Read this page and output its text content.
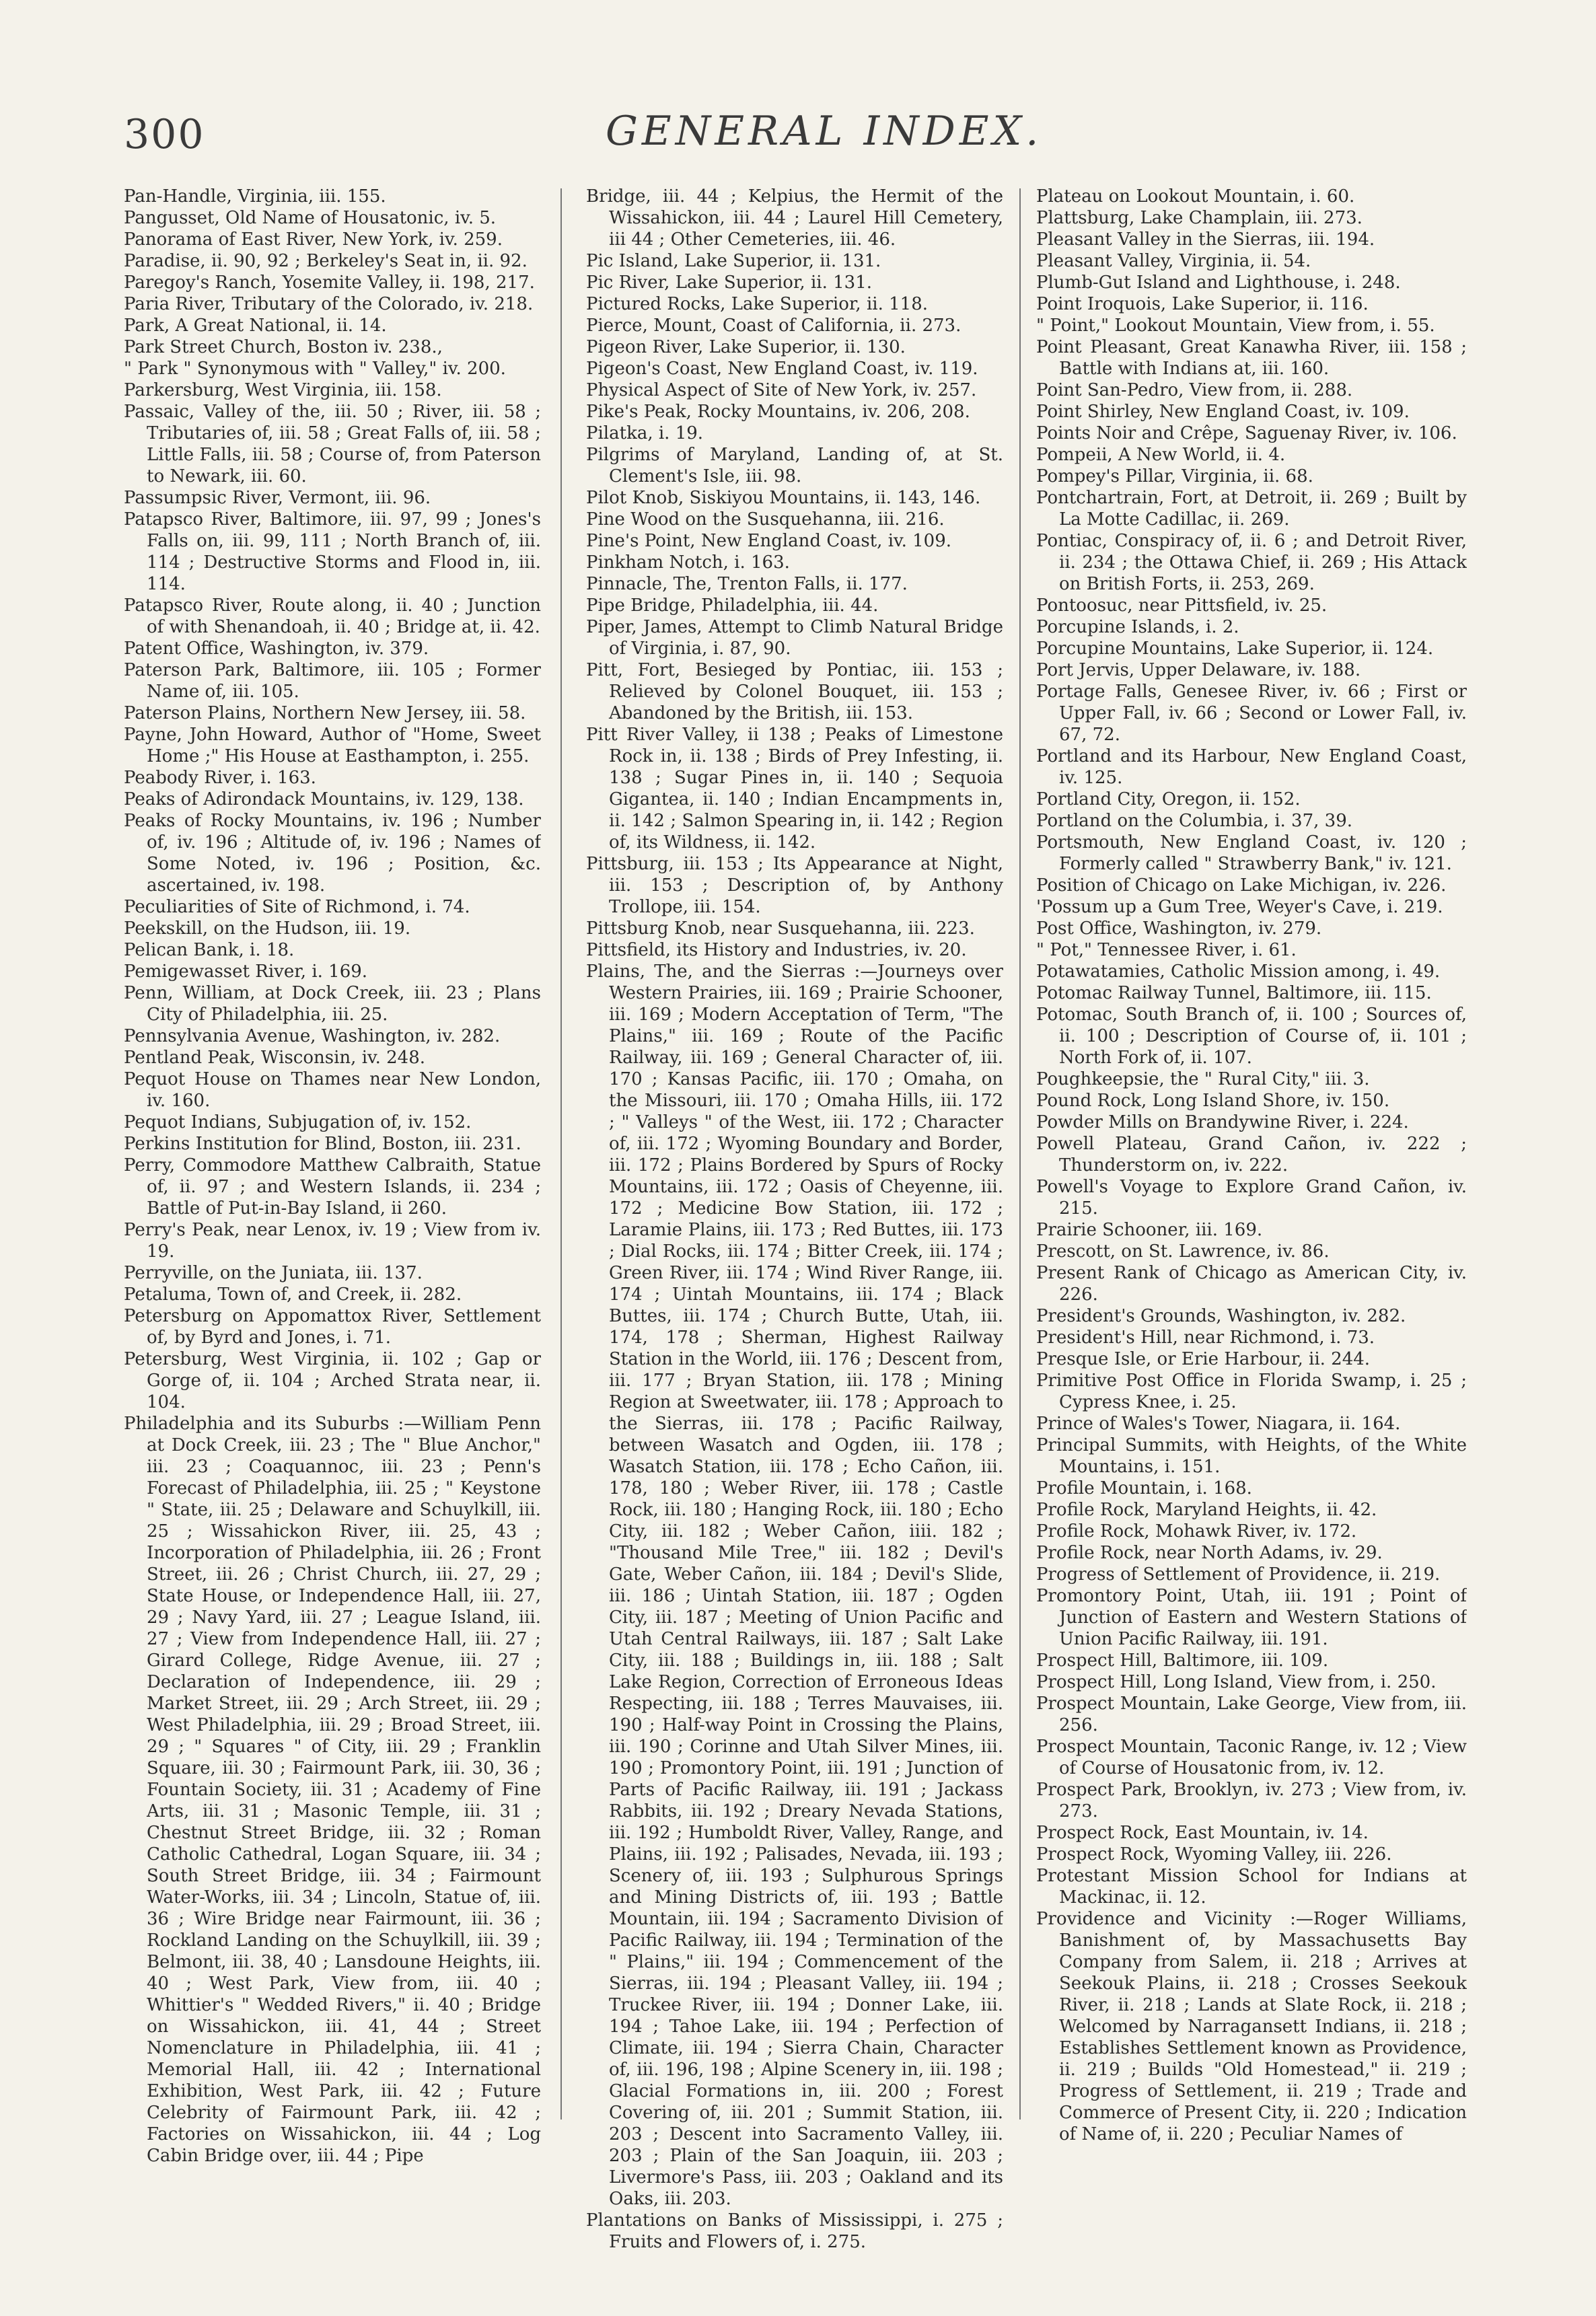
300	GENERAL INDEX.

Pan-Handle, Virginia, iii. 155.

Pangusset, Old Name of Housatonic, iv. 5.

Panorama of East River, New York, iv. 259.

Paradise, ii. 90, 92 ; Berkeley's Seat in, ii. 92.

Paregoy's Ranch, Yosemite Valley, ii. 198, 217.

Paria River, Tributary of the Colorado, iv. 218.

Park, A Great National, ii. 14.

Park Street Church, Boston iv. 238.,

" Park " Synonymous with " Valley," iv. 200.

Parkersburg, West Virginia, iii. 158.

Passaic, Valley of the, iii. 50 ; River, iii. 58 ; Tributaries of, iii. 58 ; Great Falls of, iii. 58 ; Little Falls, iii. 58 ; Course of, from Paterson to Newark, iii. 60.

Passumpsic River, Vermont, iii. 96.

Patapsco River, Baltimore, iii. 97, 99 ; Jones's Falls on, iii. 99, 111 ; North Branch of, iii. 114 ; Destructive Storms and Flood in, iii. 114.

Patapsco River, Route along, ii. 40 ; Junction of with Shenandoah, ii. 40 ; Bridge at, ii. 42.

Patent Office, Washington, iv. 379.

Paterson Park, Baltimore, iii. 105 ; Former Name of, iii. 105.

Paterson Plains, Northern New Jersey, iii. 58.

Payne, John Howard, Author of "Home, Sweet Home ;" His House at Easthampton, i. 255.

Peabody River, i. 163.

Peaks of Adirondack Mountains, iv. 129, 138.

Peaks of Rocky Mountains, iv. 196 ; Number of, iv. 196 ; Altitude of, iv. 196 ; Names of Some Noted, iv. 196 ; Position, &c. ascertained, iv. 198.

Peculiarities of Site of Richmond, i. 74.

Peekskill, on the Hudson, iii. 19.

Pelican Bank, i. 18.

Pemigewasset River, i. 169.

Penn, William, at Dock Creek, iii. 23 ; Plans City of Philadelphia, iii. 25.

Pennsylvania Avenue, Washington, iv. 282.

Pentland Peak, Wisconsin, iv. 248.

Pequot House on Thames near New London, iv. 160.

Pequot Indians, Subjugation of, iv. 152.

Perkins Institution for Blind, Boston, iii. 231.

Perry, Commodore Matthew Calbraith, Statue of, ii. 97 ; and Western Islands, ii. 234 ; Battle of Put-in-Bay Island, ii 260.

Perry's Peak, near Lenox, iv. 19 ; View from iv. 19.

Perryville, on the Juniata, iii. 137.

Petaluma, Town of, and Creek, ii. 282.

Petersburg on Appomattox River, Settlement of, by Byrd and Jones, i. 71.

Petersburg, West Virginia, ii. 102 ; Gap or Gorge of, ii. 104 ; Arched Strata near, ii. 104.

Philadelphia and its Suburbs :—William Penn at Dock Creek, iii. 23 ; The " Blue Anchor," iii. 23 ; Coaquannoc, iii. 23 ; Penn's Forecast of Philadelphia, iii. 25 ; " Keystone " State, iii. 25 ; Delaware and Schuylkill, iii. 25 ; Wissahickon River, iii. 25, 43 ; Incorporation of Philadelphia, iii. 26 ; Front Street, iii. 26 ; Christ Church, iii. 27, 29 ; State House, or Independence Hall, iii. 27, 29 ; Navy Yard, iii. 27 ; League Island, iii. 27 ; View from Independence Hall, iii. 27 ; Girard College, Ridge Avenue, iii. 27 ; Declaration of Independence, iii. 29 ; Market Street, iii. 29 ; Arch Street, iii. 29 ; West Philadelphia, iii. 29 ; Broad Street, iii. 29 ; " Squares " of City, iii. 29 ; Franklin Square, iii. 30 ; Fairmount Park, iii. 30, 36 ; Fountain Society, iii. 31 ; Academy of Fine Arts, iii. 31 ; Masonic Temple, iii. 31 ; Chestnut Street Bridge, iii. 32 ; Roman Catholic Cathedral, Logan Square, iii. 34 ; South Street Bridge, iii. 34 ; Fairmount Water-Works, iii. 34 ; Lincoln, Statue of, iii. 36 ; Wire Bridge near Fairmount, iii. 36 ; Rockland Landing on the Schuylkill, iii. 39 ; Belmont, iii. 38, 40 ; Lansdoune Heights, iii. 40 ; West Park, View from, iii. 40 ; Whittier's " Wedded Rivers," ii. 40 ; Bridge on Wissahickon, iii. 41, 44 ; Street Nomenclature in Philadelphia, iii. 41 ; Memorial Hall, iii. 42 ; International Exhibition, West Park, iii. 42 ; Future Celebrity of Fairmount Park, iii. 42 ; Factories on Wissahickon, iii. 44 ; Log Cabin Bridge over, iii. 44 ; Pipe

Bridge, iii. 44 ; Kelpius, the Hermit of the Wissahickon, iii. 44 ; Laurel Hill Cemetery, iii 44 ; Other Cemeteries, iii. 46.

Pic Island, Lake Superior, ii. 131.

Pic River, Lake Superior, ii. 131.

Pictured Rocks, Lake Superior, ii. 118.

Pierce, Mount, Coast of California, ii. 273.

Pigeon River, Lake Superior, ii. 130.

Pigeon's Coast, New England Coast, iv. 119.

Physical Aspect of Site of New York, iv. 257.

Pike's Peak, Rocky Mountains, iv. 206, 208.

Pilatka, i. 19.

Pilgrims of Maryland, Landing of, at St. Clement's Isle, iii. 98.

Pilot Knob, Siskiyou Mountains, ii. 143, 146.

Pine Wood on the Susquehanna, iii. 216.

Pine's Point, New England Coast, iv. 109.

Pinkham Notch, i. 163.

Pinnacle, The, Trenton Falls, ii. 177.

Pipe Bridge, Philadelphia, iii. 44.

Piper, James, Attempt to Climb Natural Bridge of Virginia, i. 87, 90.

Pitt, Fort, Besieged by Pontiac, iii. 153 ; Relieved by Colonel Bouquet, iii. 153 ; Abandoned by the British, iii. 153.

Pitt River Valley, ii 138 ; Peaks of Limestone Rock in, ii. 138 ; Birds of Prey Infesting, ii. 138 ; Sugar Pines in, ii. 140 ; Sequoia Gigantea, ii. 140 ; Indian Encampments in, ii. 142 ; Salmon Spearing in, ii. 142 ; Region of, its Wildness, ii. 142.

Pittsburg, iii. 153 ; Its Appearance at Night, iii. 153 ; Description of, by Anthony Trollope, iii. 154.

Pittsburg Knob, near Susquehanna, iii. 223.

Pittsfield, its History and Industries, iv. 20.

Plains, The, and the Sierras :—Journeys over Western Prairies, iii. 169 ; Prairie Schooner, iii. 169 ; Modern Acceptation of Term, "The Plains," iii. 169 ; Route of the Pacific Railway, iii. 169 ; General Character of, iii. 170 ; Kansas Pacific, iii. 170 ; Omaha, on the Missouri, iii. 170 ; Omaha Hills, iii. 172 ; " Valleys " of the West, iii. 172 ; Character of, iii. 172 ; Wyoming Boundary and Border, iii. 172 ; Plains Bordered by Spurs of Rocky Mountains, iii. 172 ; Oasis of Cheyenne, iii. 172 ; Medicine Bow Station, iii. 172 ; Laramie Plains, iii. 173 ; Red Buttes, iii. 173 ; Dial Rocks, iii. 174 ; Bitter Creek, iii. 174 ; Green River, iii. 174 ; Wind River Range, iii. 174 ; Uintah Mountains, iii. 174 ; Black Buttes, iii. 174 ; Church Butte, Utah, iii. 174, 178 ; Sherman, Highest Railway Station in the World, iii. 176 ; Descent from, iii. 177 ; Bryan Station, iii. 178 ; Mining Region at Sweetwater, iii. 178 ; Approach to the Sierras, iii. 178 ; Pacific Railway, between Wasatch and Ogden, iii. 178 ; Wasatch Station, iii. 178 ; Echo Cañon, iii. 178, 180 ; Weber River, iii. 178 ; Castle Rock, iii. 180 ; Hanging Rock, iii. 180 ; Echo City, iii. 182 ; Weber Cañon, iiii. 182 ; "Thousand Mile Tree," iii. 182 ; Devil's Gate, Weber Cañon, iii. 184 ; Devil's Slide, iii. 186 ; Uintah Station, iii. 187 ; Ogden City, iii. 187 ; Meeting of Union Pacific and Utah Central Railways, iii. 187 ; Salt Lake City, iii. 188 ; Buildings in, iii. 188 ; Salt Lake Region, Correction of Erroneous Ideas Respecting, iii. 188 ; Terres Mauvaises, iii. 190 ; Half-way Point in Crossing the Plains, iii. 190 ; Corinne and Utah Silver Mines, iii. 190 ; Promontory Point, iii. 191 ; Junction of Parts of Pacific Railway, iii. 191 ; Jackass Rabbits, iii. 192 ; Dreary Nevada Stations, iii. 192 ; Humboldt River, Valley, Range, and Plains, iii. 192 ; Palisades, Nevada, iii. 193 ; Scenery of, iii. 193 ; Sulphurous Springs and Mining Districts of, iii. 193 ; Battle Mountain, iii. 194 ; Sacramento Division of Pacific Railway, iii. 194 ; Termination of the " Plains," iii. 194 ; Commencement of the Sierras, iii. 194 ; Pleasant Valley, iii. 194 ; Truckee River, iii. 194 ; Donner Lake, iii. 194 ; Tahoe Lake, iii. 194 ; Perfection of Climate, iii. 194 ; Sierra Chain, Character of, iii. 196, 198 ; Alpine Scenery in, iii. 198 ; Glacial Formations in, iii. 200 ; Forest Covering of, iii. 201 ; Summit Station, iii. 203 ; Descent into Sacramento Valley, iii. 203 ; Plain of the San Joaquin, iii. 203 ; Livermore's Pass, iii. 203 ; Oakland and its Oaks, iii. 203.

Plantations on Banks of Mississippi, i. 275 ; Fruits and Flowers of, i. 275.

Plateau on Lookout Mountain, i. 60.

Plattsburg, Lake Champlain, iii. 273.

Pleasant Valley in the Sierras, iii. 194.

Pleasant Valley, Virginia, ii. 54.

Plumb-Gut Island and Lighthouse, i. 248.

Point Iroquois, Lake Superior, ii. 116.

" Point," Lookout Mountain, View from, i. 55.

Point Pleasant, Great Kanawha River, iii. 158 ; Battle with Indians at, iii. 160.

Point San-Pedro, View from, ii. 288.

Point Shirley, New England Coast, iv. 109.

Points Noir and Crêpe, Saguenay River, iv. 106.

Pompeii, A New World, ii. 4.

Pompey's Pillar, Virginia, ii. 68.

Pontchartrain, Fort, at Detroit, ii. 269 ; Built by La Motte Cadillac, ii. 269.

Pontiac, Conspiracy of, ii. 6 ; and Detroit River, ii. 234 ; the Ottawa Chief, ii. 269 ; His Attack on British Forts, ii. 253, 269.

Pontoosuc, near Pittsfield, iv. 25.

Porcupine Islands, i. 2.

Porcupine Mountains, Lake Superior, ii. 124.

Port Jervis, Upper Delaware, iv. 188.

Portage Falls, Genesee River, iv. 66 ; First or Upper Fall, iv. 66 ; Second or Lower Fall, iv. 67, 72.

Portland and its Harbour, New England Coast, iv. 125.

Portland City, Oregon, ii. 152.

Portland on the Columbia, i. 37, 39.

Portsmouth, New England Coast, iv. 120 ; Formerly called " Strawberry Bank," iv. 121.

Position of Chicago on Lake Michigan, iv. 226.

'Possum up a Gum Tree, Weyer's Cave, i. 219.

Post Office, Washington, iv. 279.

" Pot," Tennessee River, i. 61.

Potawatamies, Catholic Mission among, i. 49.

Potomac Railway Tunnel, Baltimore, iii. 115.

Potomac, South Branch of, ii. 100 ; Sources of, ii. 100 ; Description of Course of, ii. 101 ; North Fork of, ii. 107.

Poughkeepsie, the " Rural City," iii. 3.

Pound Rock, Long Island Shore, iv. 150.

Powder Mills on Brandywine River, i. 224.

Powell Plateau, Grand Cañon, iv. 222 ; Thunderstorm on, iv. 222.

Powell's Voyage to Explore Grand Cañon, iv. 215.

Prairie Schooner, iii. 169.

Prescott, on St. Lawrence, iv. 86.

Present Rank of Chicago as American City, iv. 226.

President's Grounds, Washington, iv. 282.

President's Hill, near Richmond, i. 73.

Presque Isle, or Erie Harbour, ii. 244.

Primitive Post Office in Florida Swamp, i. 25 ; Cypress Knee, i. 25.

Prince of Wales's Tower, Niagara, ii. 164.

Principal Summits, with Heights, of the White Mountains, i. 151.

Profile Mountain, i. 168.

Profile Rock, Maryland Heights, ii. 42.

Profile Rock, Mohawk River, iv. 172.

Profile Rock, near North Adams, iv. 29.

Progress of Settlement of Providence, ii. 219.

Promontory Point, Utah, iii. 191 ; Point of Junction of Eastern and Western Stations of Union Pacific Railway, iii. 191.

Prospect Hill, Baltimore, iii. 109.

Prospect Hill, Long Island, View from, i. 250.

Prospect Mountain, Lake George, View from, iii. 256.

Prospect Mountain, Taconic Range, iv. 12 ; View of Course of Housatonic from, iv. 12.

Prospect Park, Brooklyn, iv. 273 ; View from, iv. 273.

Prospect Rock, East Mountain, iv. 14.

Prospect Rock, Wyoming Valley, iii. 226.

Protestant Mission School for Indians at Mackinac, ii. 12.

Providence and Vicinity :—Roger Williams, Banishment of, by Massachusetts Bay Company from Salem, ii. 218 ; Arrives at Seekouk Plains, ii. 218 ; Crosses Seekouk River, ii. 218 ; Lands at Slate Rock, ii. 218 ; Welcomed by Narragansett Indians, ii. 218 ; Establishes Settlement known as Providence, ii. 219 ; Builds "Old Homestead," ii. 219 ; Progress of Settlement, ii. 219 ; Trade and Commerce of Present City, ii. 220 ; Indication of Name of, ii. 220 ; Peculiar Names of
